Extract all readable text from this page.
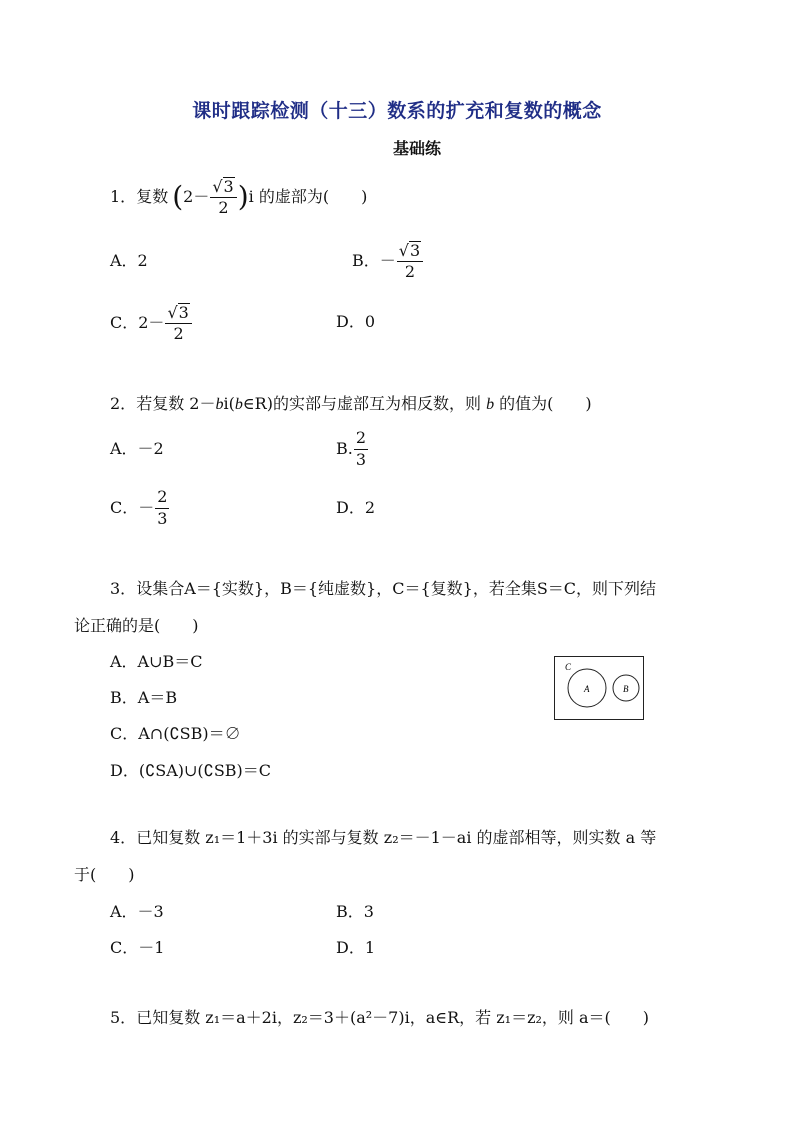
课时跟踪检测（十三）数系的扩充和复数的概念
基础练
1． 复数 ( $2- \frac{√3}{2}$ ) i 的虚部为(　　)
A．2	B．－ $\frac{√3}{2}$
C．$2- \frac{√3}{2}$	D．0
2．若复数 2－bi(b∈R)的实部与虚部互为相反数，则 b 的值为(　　)
A．－2	B. $\frac{2}{3}$
C．－ $\frac{2}{3}$	D．2
3．设集合A＝{实数}，B＝{纯虚数}，C＝{复数}，若全集S＝C，则下列结
论正确的是(　　)
A．A∪B＝C
B．A＝B
C．A∩(∁SB)＝∅
D．(∁SA)∪(∁SB)＝C
C
A	B
4．已知复数 z₁＝1＋3i 的实部与复数 z₂＝－1－ai 的虚部相等，则实数 a 等
于(　　)
A．－3	B．3
C．－1	D．1
5．已知复数 z₁＝a＋2i，z₂＝3＋(a²－7)i，a∈R，若 z₁＝z₂，则 a＝(　　)
